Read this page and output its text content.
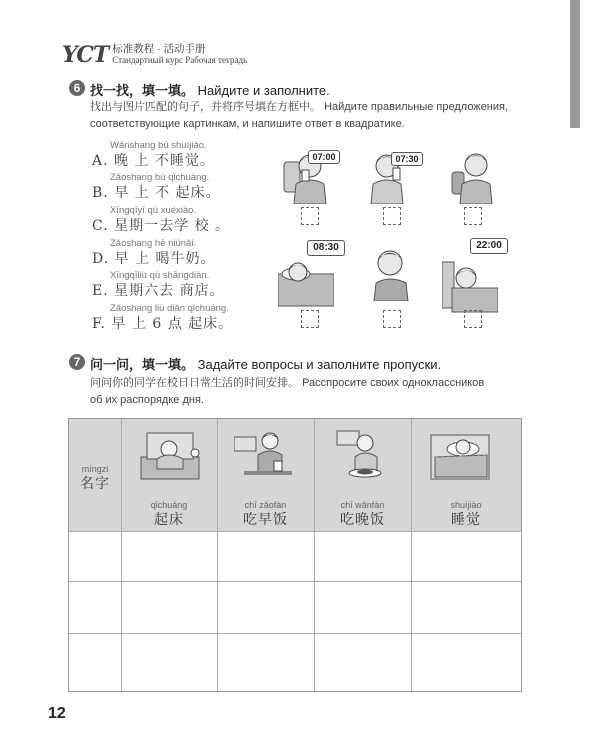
YCT 标准教程 · 活动手册
Стандартный курс Рабочая тетрадь
6 找一找，填一填。 Найдите и заполните.
找出与图片匹配的句子，并将序号填在方框中。 Найдите правильные предложения,
соответствующие картинкам, и напишите ответ в квадратике.
Wǎnshang bú shuìjiào.
A. 晚 上 不睡觉。
Zǎoshang bù qǐchuáng.
B. 早 上 不 起床。
Xīngqīyī qù xuéxiào.
C. 星期一去学 校 。
Zǎoshang hē niúnǎi.
D. 早 上 喝牛奶。
Xīngqīliù qù shāngdiàn.
E. 星期六去 商店。
Zǎoshang liù diǎn qǐchuáng.
F. 早 上 6 点 起床。
07:00	07:30
08:30	22:00
7 问一问，填一填。 Задайте вопросы и заполните пропуски.
问问你的同学在校日日常生活的时间安排。 Расспросите своих одноклассников
об их распорядке дня.
míngzi
名字
qǐchuáng
起床
chī zǎofàn
吃早饭
chī wǎnfàn
吃晚饭
shuìjiào
睡觉
12
